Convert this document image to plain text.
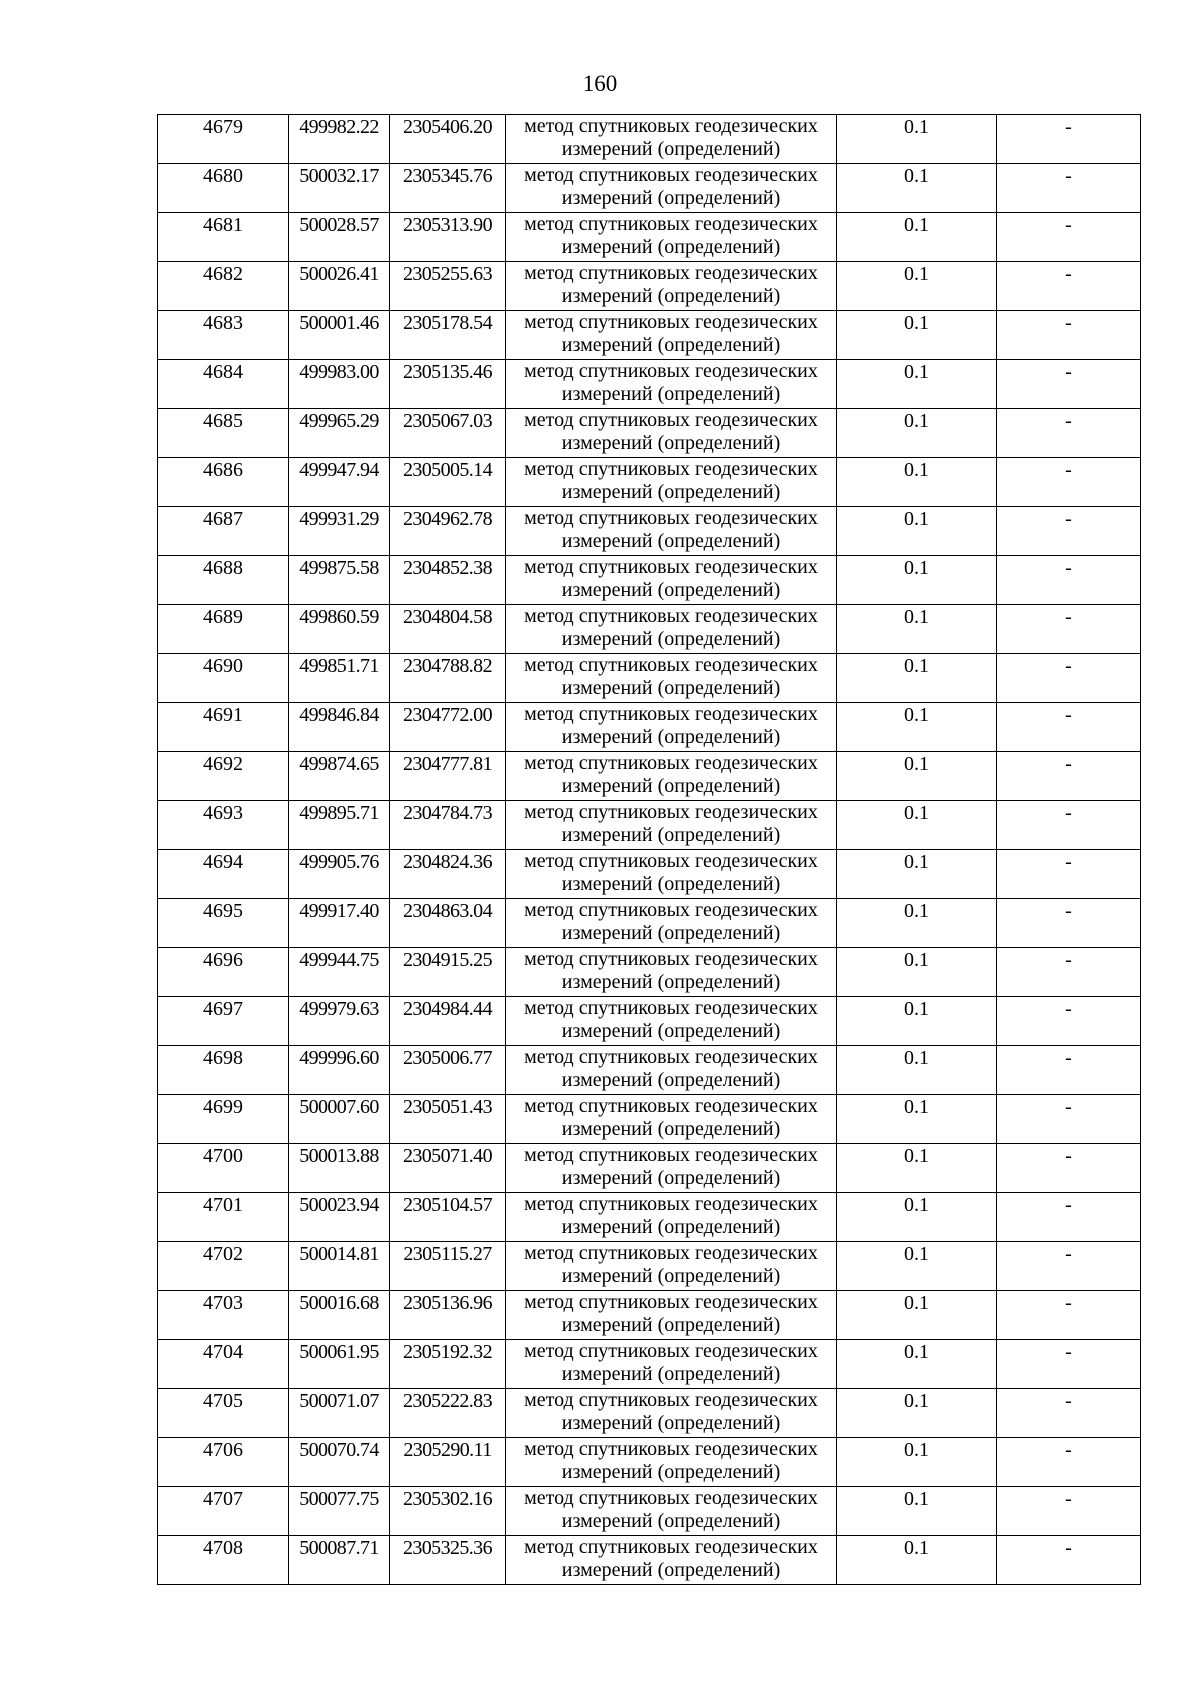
160
4679	499982.22	2305406.20	метод спутниковых геодезических измерений (определений)	0.1	-
4680	500032.17	2305345.76	метод спутниковых геодезических измерений (определений)	0.1	-
4681	500028.57	2305313.90	метод спутниковых геодезических измерений (определений)	0.1	-
4682	500026.41	2305255.63	метод спутниковых геодезических измерений (определений)	0.1	-
4683	500001.46	2305178.54	метод спутниковых геодезических измерений (определений)	0.1	-
4684	499983.00	2305135.46	метод спутниковых геодезических измерений (определений)	0.1	-
4685	499965.29	2305067.03	метод спутниковых геодезических измерений (определений)	0.1	-
4686	499947.94	2305005.14	метод спутниковых геодезических измерений (определений)	0.1	-
4687	499931.29	2304962.78	метод спутниковых геодезических измерений (определений)	0.1	-
4688	499875.58	2304852.38	метод спутниковых геодезических измерений (определений)	0.1	-
4689	499860.59	2304804.58	метод спутниковых геодезических измерений (определений)	0.1	-
4690	499851.71	2304788.82	метод спутниковых геодезических измерений (определений)	0.1	-
4691	499846.84	2304772.00	метод спутниковых геодезических измерений (определений)	0.1	-
4692	499874.65	2304777.81	метод спутниковых геодезических измерений (определений)	0.1	-
4693	499895.71	2304784.73	метод спутниковых геодезических измерений (определений)	0.1	-
4694	499905.76	2304824.36	метод спутниковых геодезических измерений (определений)	0.1	-
4695	499917.40	2304863.04	метод спутниковых геодезических измерений (определений)	0.1	-
4696	499944.75	2304915.25	метод спутниковых геодезических измерений (определений)	0.1	-
4697	499979.63	2304984.44	метод спутниковых геодезических измерений (определений)	0.1	-
4698	499996.60	2305006.77	метод спутниковых геодезических измерений (определений)	0.1	-
4699	500007.60	2305051.43	метод спутниковых геодезических измерений (определений)	0.1	-
4700	500013.88	2305071.40	метод спутниковых геодезических измерений (определений)	0.1	-
4701	500023.94	2305104.57	метод спутниковых геодезических измерений (определений)	0.1	-
4702	500014.81	2305115.27	метод спутниковых геодезических измерений (определений)	0.1	-
4703	500016.68	2305136.96	метод спутниковых геодезических измерений (определений)	0.1	-
4704	500061.95	2305192.32	метод спутниковых геодезических измерений (определений)	0.1	-
4705	500071.07	2305222.83	метод спутниковых геодезических измерений (определений)	0.1	-
4706	500070.74	2305290.11	метод спутниковых геодезических измерений (определений)	0.1	-
4707	500077.75	2305302.16	метод спутниковых геодезических измерений (определений)	0.1	-
4708	500087.71	2305325.36	метод спутниковых геодезических измерений (определений)	0.1	-
